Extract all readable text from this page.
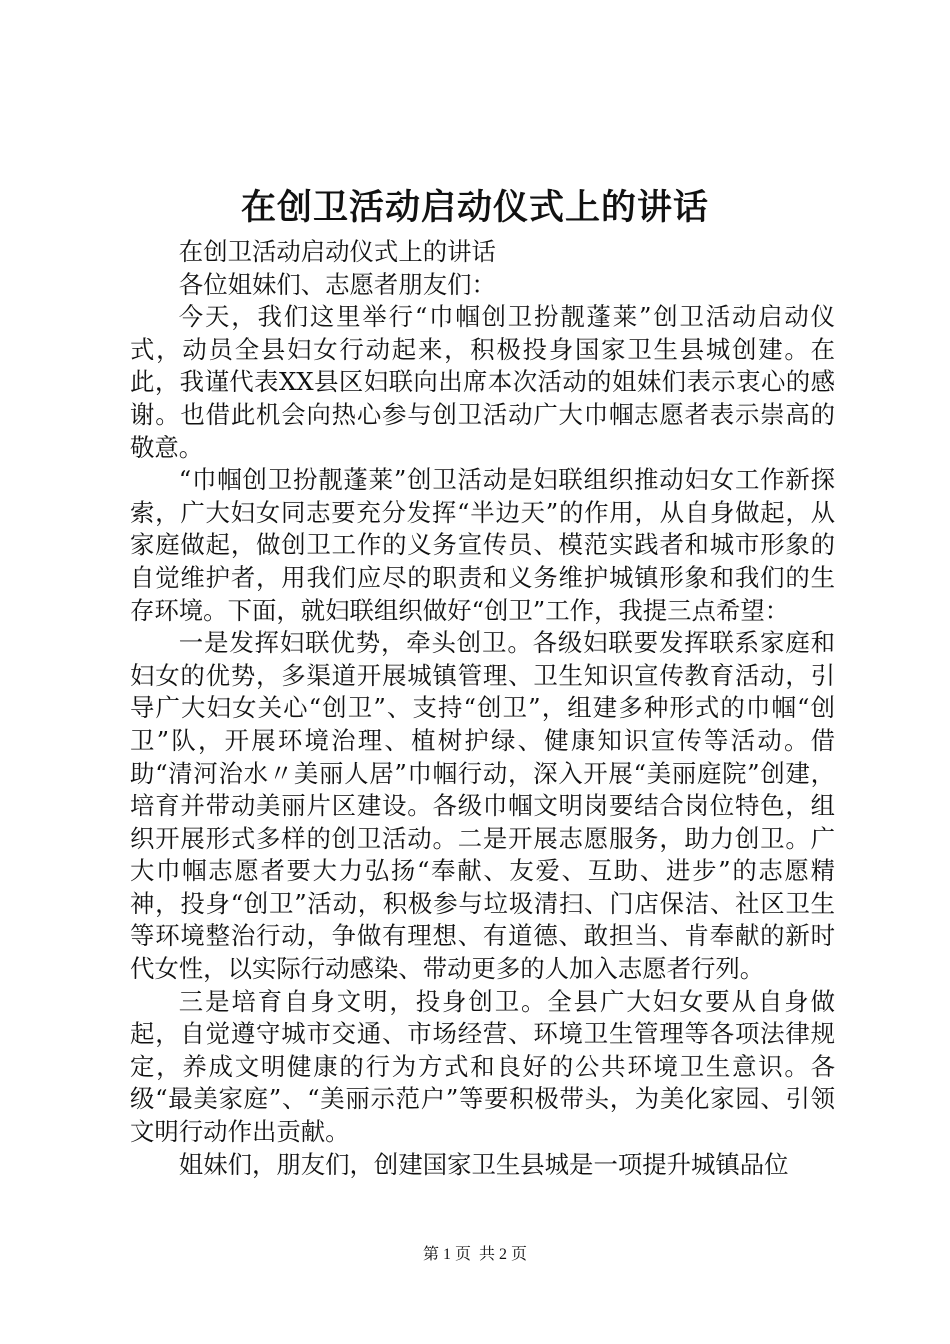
在创卫活动启动仪式上的讲话

在创卫活动启动仪式上的讲话

各位姐妹们、志愿者朋友们：

今天，我们这里举行“巾帼创卫扮靓蓬莱”创卫活动启动仪式，动员全县妇女行动起来，积极投身国家卫生县城创建。在此，我谨代表XX县区妇联向出席本次活动的姐妹们表示衷心的感谢。也借此机会向热心参与创卫活动广大巾帼志愿者表示崇高的敬意。

“巾帼创卫扮靓蓬莱”创卫活动是妇联组织推动妇女工作新探索，广大妇女同志要充分发挥“半边天”的作用，从自身做起，从家庭做起，做创卫工作的义务宣传员、模范实践者和城市形象的自觉维护者，用我们应尽的职责和义务维护城镇形象和我们的生存环境。下面，就妇联组织做好“创卫”工作，我提三点希望：

一是发挥妇联优势，牵头创卫。各级妇联要发挥联系家庭和妇女的优势，多渠道开展城镇管理、卫生知识宣传教育活动，引导广大妇女关心“创卫”、支持“创卫”，组建多种形式的巾帼“创卫”队，开展环境治理、植树护绿、健康知识宣传等活动。借助“清河治水〃美丽人居”巾帼行动，深入开展“美丽庭院”创建，培育并带动美丽片区建设。各级巾帼文明岗要结合岗位特色，组织开展形式多样的创卫活动。二是开展志愿服务，助力创卫。广大巾帼志愿者要大力弘扬“奉献、友爱、互助、进步”的志愿精神，投身“创卫”活动，积极参与垃圾清扫、门店保洁、社区卫生等环境整治行动，争做有理想、有道德、敢担当、肯奉献的新时代女性，以实际行动感染、带动更多的人加入志愿者行列。

三是培育自身文明，投身创卫。全县广大妇女要从自身做起，自觉遵守城市交通、市场经营、环境卫生管理等各项法律规定，养成文明健康的行为方式和良好的公共环境卫生意识。各级“最美家庭”、“美丽示范户”等要积极带头，为美化家园、引领文明行动作出贡献。

姐妹们，朋友们，创建国家卫生县城是一项提升城镇品位

第 1 页  共 2 页
